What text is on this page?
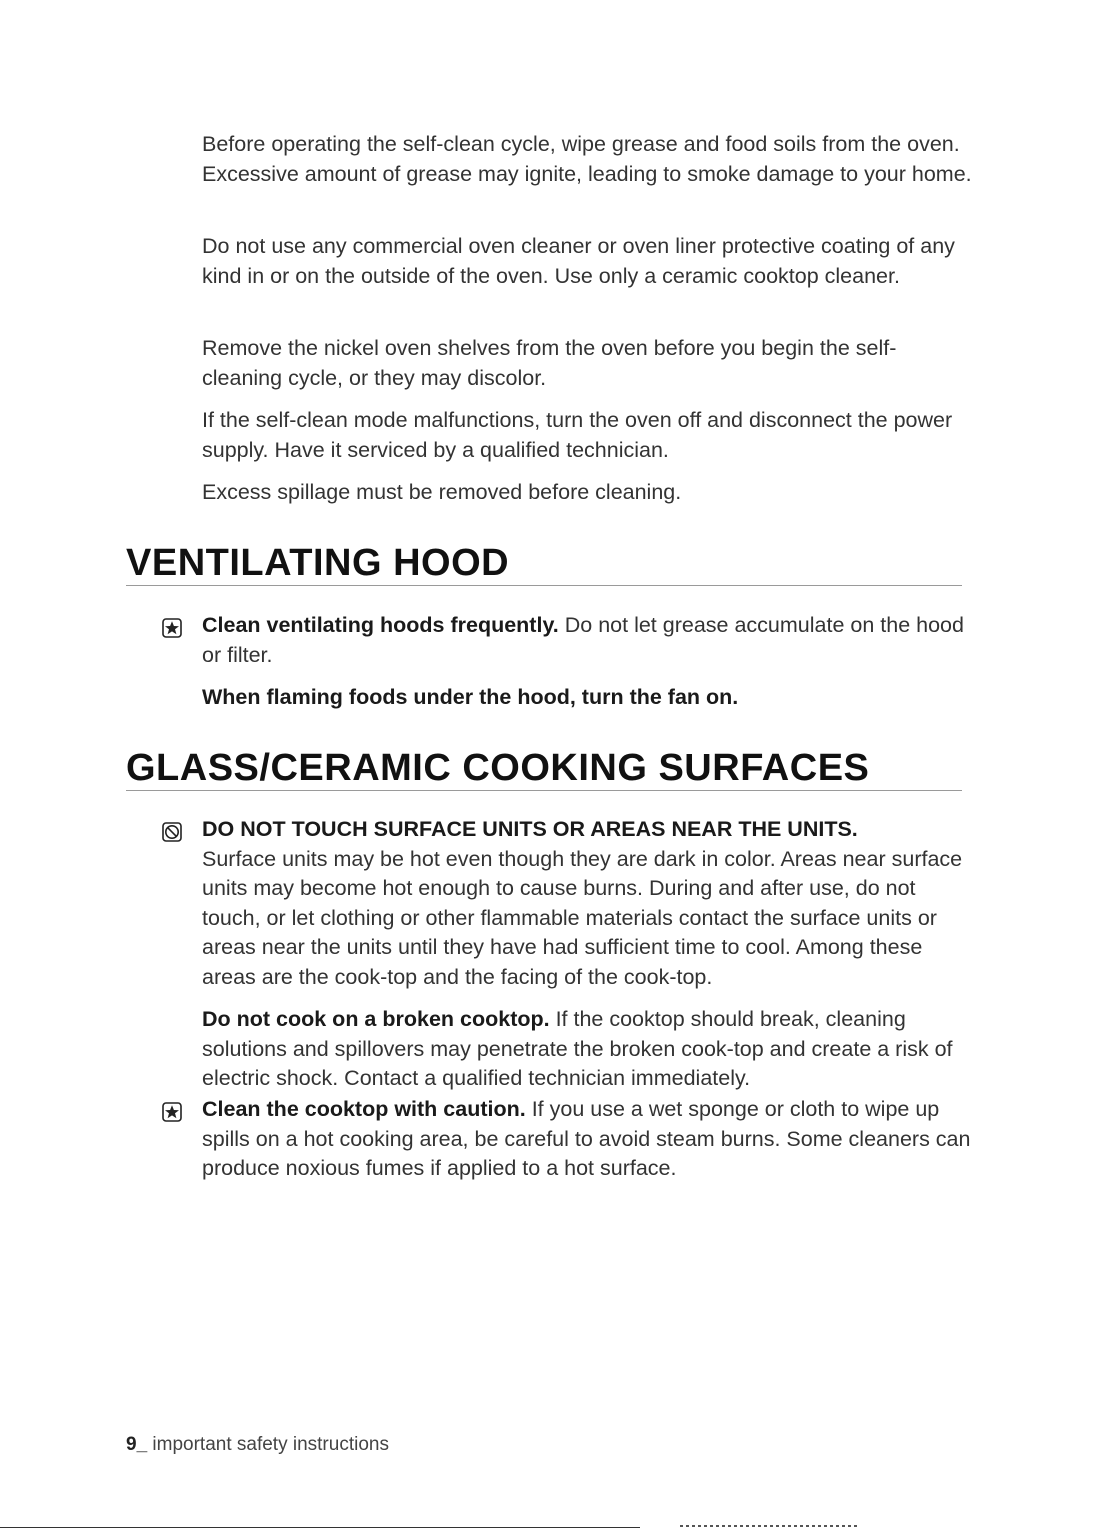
Before operating the self-clean cycle, wipe grease and food soils from the oven. Excessive amount of grease may ignite, leading to smoke damage to your home.

Do not use any commercial oven cleaner or oven liner protective coating of any kind in or on the outside of the oven. Use only a ceramic cooktop cleaner.

Remove the nickel oven shelves from the oven before you begin the self-cleaning cycle, or they may discolor.

If the self-clean mode malfunctions, turn the oven off and disconnect the power supply. Have it serviced by a qualified technician.

Excess spillage must be removed before cleaning.

VENTILATING HOOD

Clean ventilating hoods frequently. Do not let grease accumulate on the hood or filter.

When flaming foods under the hood, turn the fan on.

GLASS/CERAMIC COOKING SURFACES

DO NOT TOUCH SURFACE UNITS OR AREAS NEAR THE UNITS.
Surface units may be hot even though they are dark in color. Areas near surface units may become hot enough to cause burns. During and after use, do not touch, or let clothing or other flammable materials contact the surface units or areas near the units until they have had sufficient time to cool. Among these areas are the cook-top and the facing of the cook-top.

Do not cook on a broken cooktop. If the cooktop should break, cleaning solutions and spillovers may penetrate the broken cook-top and create a risk of electric shock. Contact a qualified technician immediately.

Clean the cooktop with caution. If you use a wet sponge or cloth to wipe up spills on a hot cooking area, be careful to avoid steam burns. Some cleaners can produce noxious fumes if applied to a hot surface.

9_ important safety instructions
